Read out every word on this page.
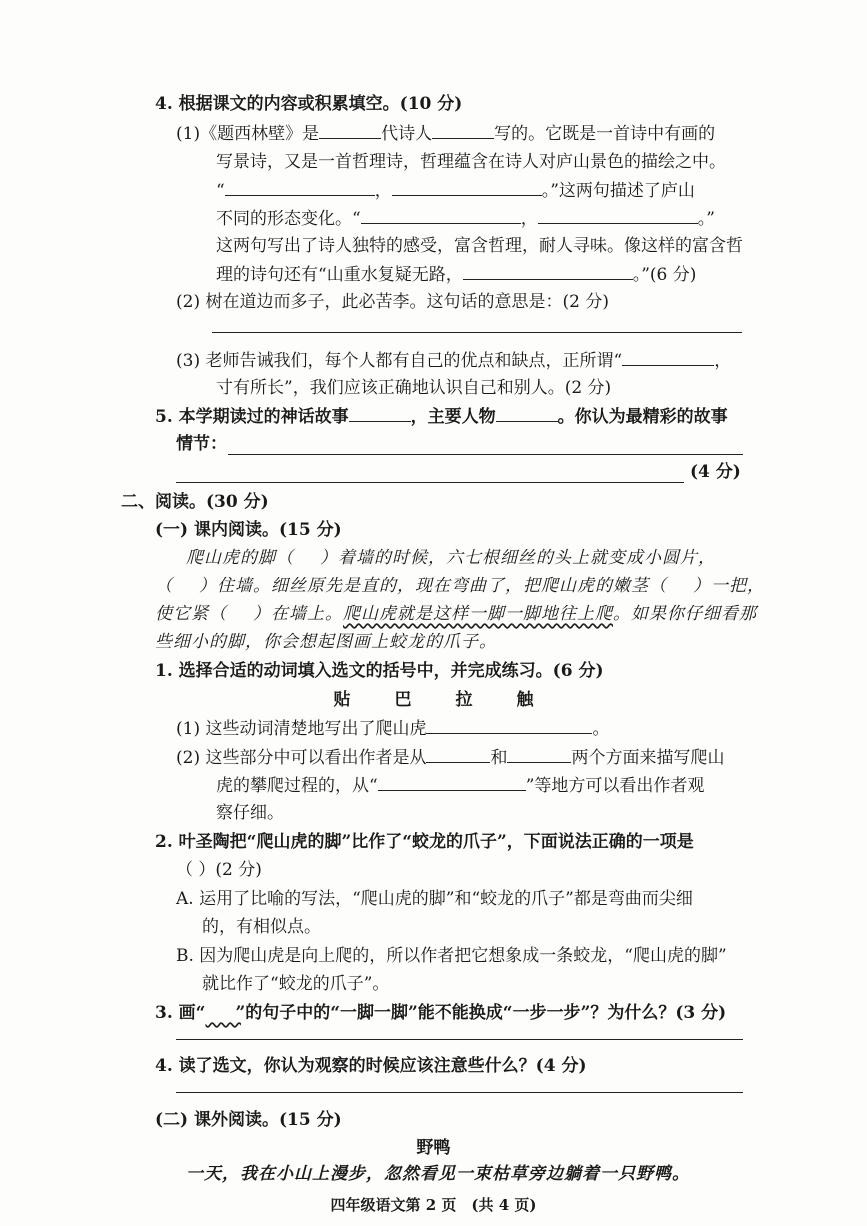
4. 根据课文的内容或积累填空。(10 分)
(1)《题西林壁》是	代诗人	写的。它既是一首诗中有画的
写景诗，又是一首哲理诗，哲理蕴含在诗人对庐山景色的描绘之中。
“	，	。”这两句描述了庐山
不同的形态变化。“	，	。”
这两句写出了诗人独特的感受，富含哲理，耐人寻味。像这样的富含哲
理的诗句还有“山重水复疑无路，	。”(6 分)
(2) 树在道边而多子，此必苦李。这句话的意思是：(2 分)
(3) 老师告诫我们，每个人都有自己的优点和缺点，正所谓“	，
寸有所长”，我们应该正确地认识自己和别人。(2 分)
5. 本学期读过的神话故事	，主要人物	。你认为最精彩的故事
情节：
(4 分)
二、阅读。(30 分)
(一) 课内阅读。(15 分)
爬山虎的脚（ ）着墙的时候，六七根细丝的头上就变成小圆片，
（ ）住墙。细丝原先是直的，现在弯曲了，把爬山虎的嫩茎（ ）一把，
使它紧（ ）在墙上。爬山虎就是这样一脚一脚地往上爬。如果你仔细看那
些细小的脚，你会想起图画上蛟龙的爪子。
1. 选择合适的动词填入选文的括号中，并完成练习。(6 分)
贴	巴	拉	触
(1) 这些动词清楚地写出了爬山虎	。
(2) 这些部分中可以看出作者是从	和	两个方面来描写爬山
虎的攀爬过程的，从“	”等地方可以看出作者观
察仔细。
2. 叶圣陶把“爬山虎的脚”比作了“蛟龙的爪子”，下面说法正确的一项是
（ ）(2 分)
A. 运用了比喻的写法，“爬山虎的脚”和“蛟龙的爪子”都是弯曲而尖细
的，有相似点。
B. 因为爬山虎是向上爬的，所以作者把它想象成一条蛟龙，“爬山虎的脚”
就比作了“蛟龙的爪子”。
3. 画“ ”的句子中的“一脚一脚”能不能换成“一步一步”？为什么？(3 分)
4. 读了选文，你认为观察的时候应该注意些什么？(4 分)
(二) 课外阅读。(15 分)
野鸭
一天，我在小山上漫步，忽然看见一束枯草旁边躺着一只野鸭。
四年级语文第 2 页　(共 4 页)
